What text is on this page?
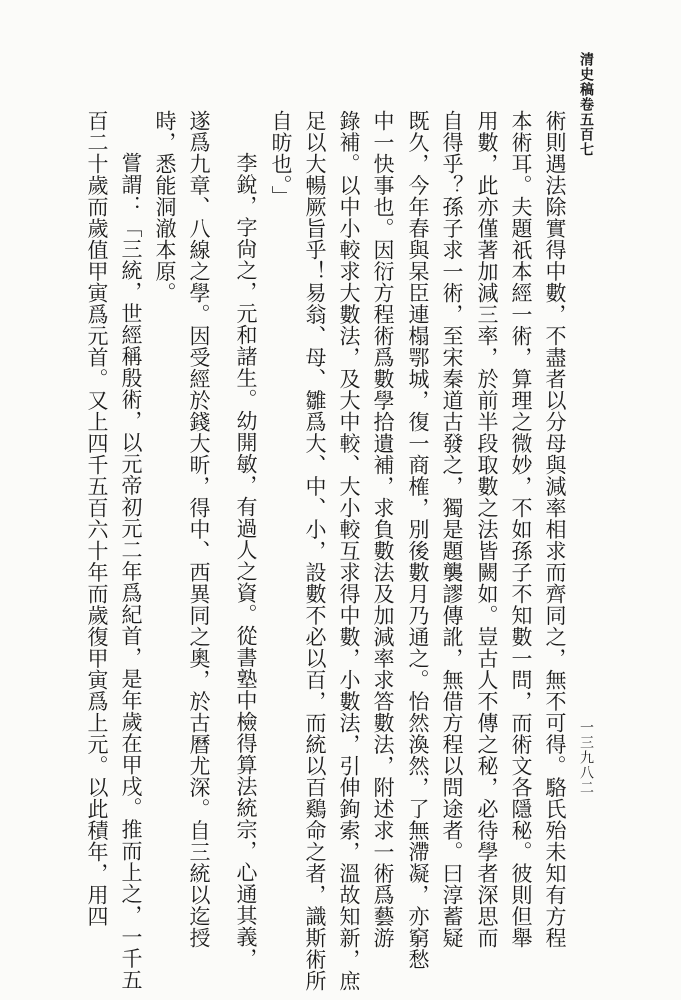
清史稿卷五百七
一三九八二
術則遇法除實得中數，不盡者以分母與減率相求而齊同之，無不可得。駱氏殆未知有方程
本術耳。夫題祇本經一術，算理之微妙，不如孫子不知數一問，而術文各隱秘。彼則但舉
用數，此亦僅著加減三率，於前半段取數之法皆闕如。豈古人不傳之秘，必待學者深思而
自得乎？孫子求一術，至宋秦道古發之，獨是題襲謬傳訛，無借方程以問途者。曰淳蓄疑
既久，今年春與杲臣連榻鄂城，復一商榷，別後數月乃通之。怡然渙然，了無滯凝，亦窮愁
中一快事也。因衍方程術爲數學拾遺補，求負數法及加減率求答數法，附述求一術爲藝游
錄補。以中小較求大數法，及大中較、大小較互求得中數，小數法，引伸鉤索，溫故知新，庶
足以大暢厥旨乎！易翁、母、雛爲大、中、小，設數不必以百，而統以百鷄命之者，識斯術所
自昉也。」
李銳，字尙之，元和諸生。幼開敏，有過人之資。從書塾中檢得算法統宗，心通其義，
遂爲九章、八線之學。因受經於錢大昕，得中、西異同之奧，於古曆尤深。自三統以迄授
時，悉能洞澈本原。
嘗謂：「三統，世經稱殷術，以元帝初元二年爲紀首，是年歲在甲戌。推而上之，一千五
百二十歲而歲值甲寅爲元首。又上四千五百六十年而歲復甲寅爲上元。以此積年，用四
